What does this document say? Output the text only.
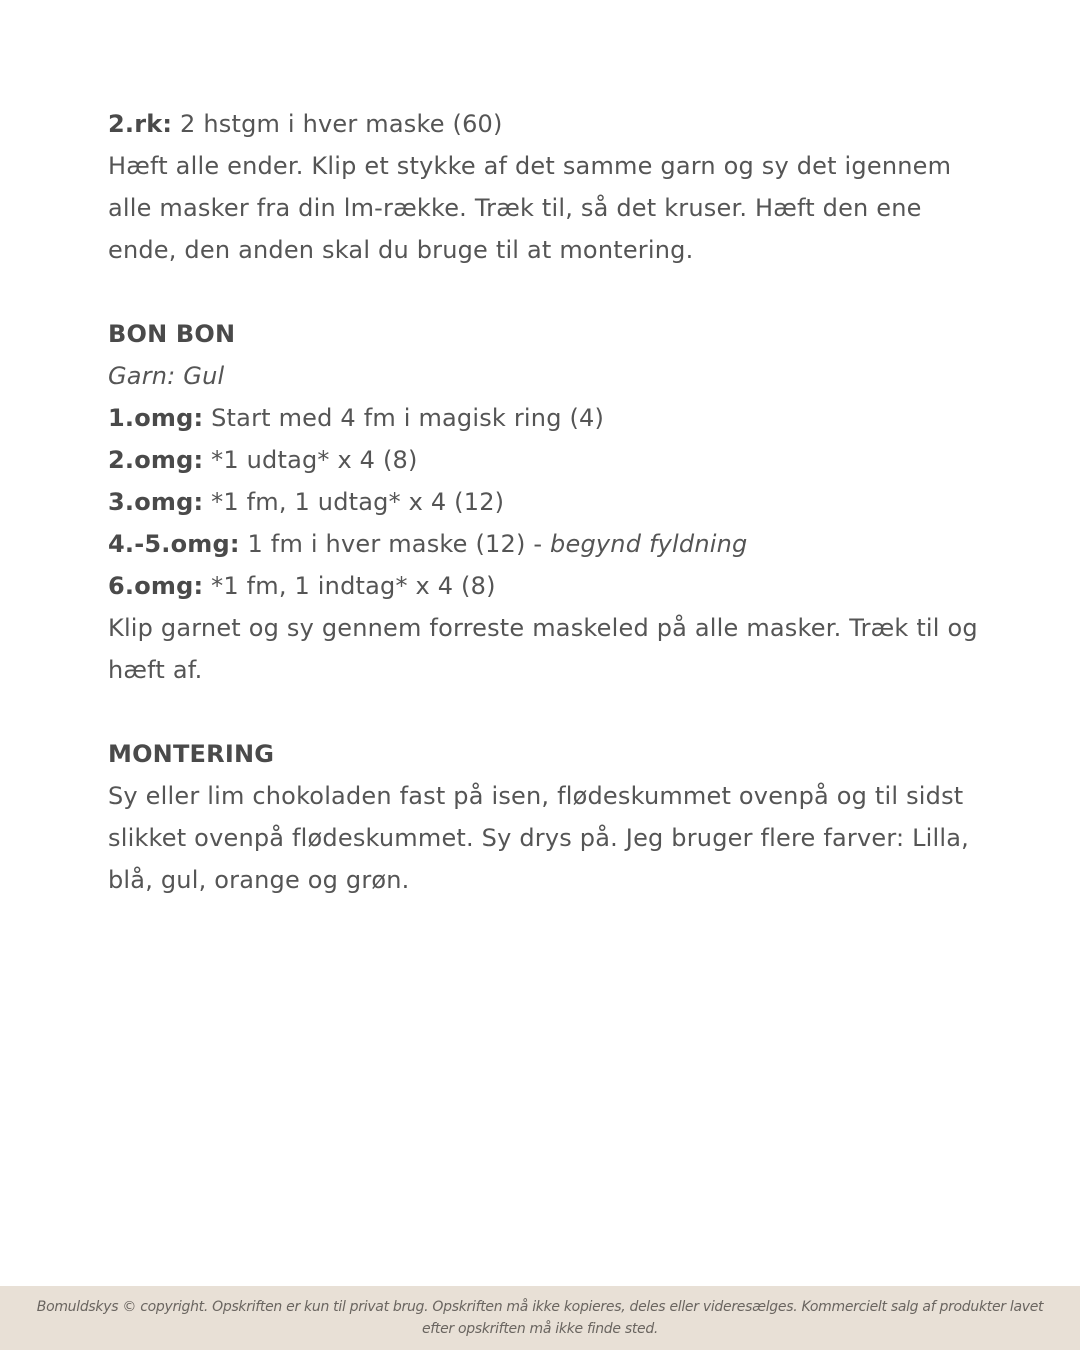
2.rk: 2 hstgm i hver maske (60)

Hæft alle ender. Klip et stykke af det samme garn og sy det igennem alle masker fra din lm-række. Træk til, så det kruser. Hæft den ene ende, den anden skal du bruge til at montering.

BON BON

Garn: Gul

1.omg: Start med 4 fm i magisk ring (4)

2.omg: *1 udtag* x 4 (8)

3.omg: *1 fm, 1 udtag* x 4 (12)

4.-5.omg: 1 fm i hver maske (12) - begynd fyldning

6.omg: *1 fm, 1 indtag* x 4 (8)

Klip garnet og sy gennem forreste maskeled på alle masker. Træk til og hæft af.

MONTERING

Sy eller lim chokoladen fast på isen, flødeskummet ovenpå og til sidst slikket ovenpå flødeskummet. Sy drys på. Jeg bruger flere farver: Lilla, blå, gul, orange og grøn.

Bomuldskys © copyright. Opskriften er kun til privat brug. Opskriften må ikke kopieres, deles eller videresælges. Kommercielt salg af produkter lavet efter opskriften må ikke finde sted.
